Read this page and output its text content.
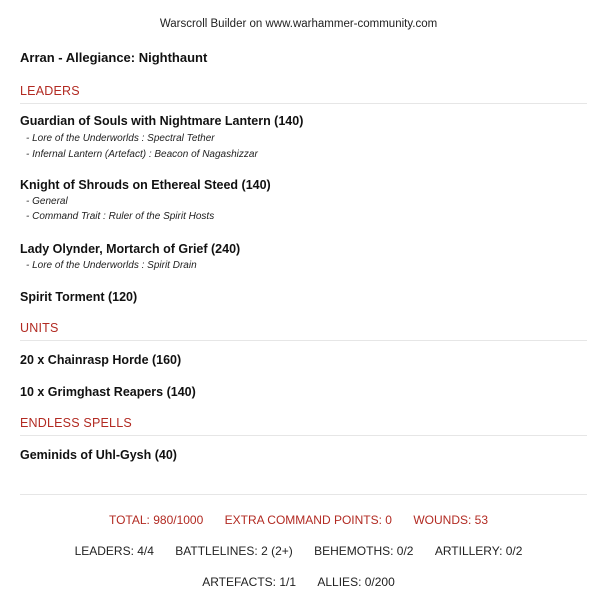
Warscroll Builder on www.warhammer-community.com
Arran - Allegiance: Nighthaunt
LEADERS
Guardian of Souls with Nightmare Lantern (140)
- Lore of the Underworlds : Spectral Tether
- Infernal Lantern (Artefact) : Beacon of Nagashizzar
Knight of Shrouds on Ethereal Steed (140)
- General
- Command Trait : Ruler of the Spirit Hosts
Lady Olynder, Mortarch of Grief (240)
- Lore of the Underworlds : Spirit Drain
Spirit Torment (120)
UNITS
20 x Chainrasp Horde (160)
10 x Grimghast Reapers (140)
ENDLESS SPELLS
Geminids of Uhl-Gysh (40)
TOTAL: 980/1000 EXTRA COMMAND POINTS: 0 WOUNDS: 53
LEADERS: 4/4 BATTLELINES: 2 (2+) BEHEMOTHS: 0/2 ARTILLERY: 0/2
ARTEFACTS: 1/1 ALLIES: 0/200
